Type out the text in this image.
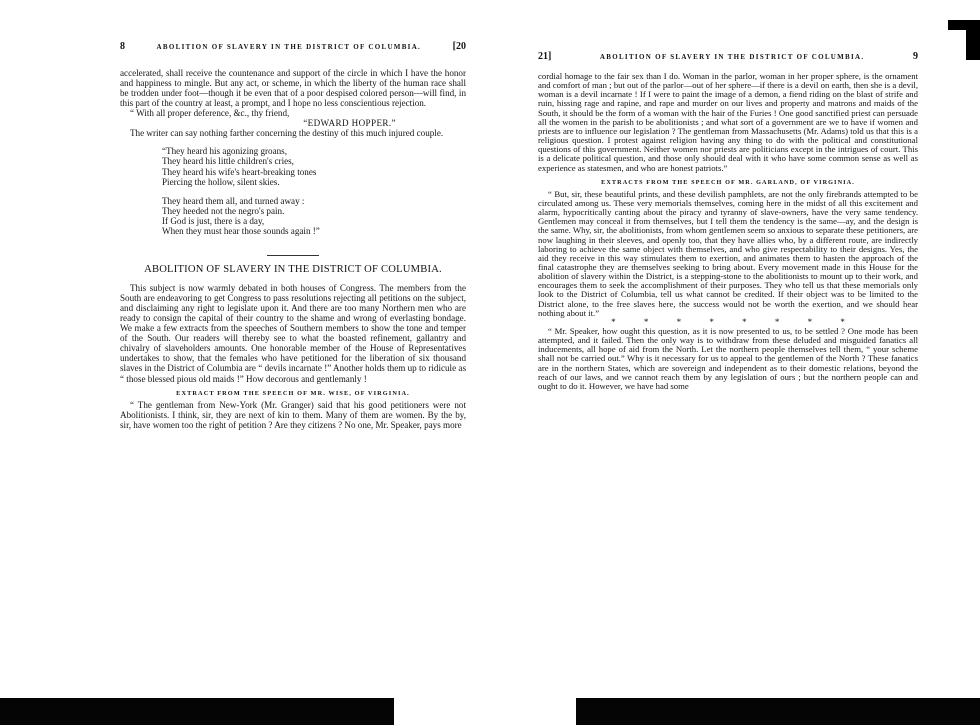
8	ABOLITION OF SLAVERY IN THE DISTRICT OF COLUMBIA.	[20

accelerated, shall receive the countenance and support of the circle in which I have the honor and happiness to mingle. But any act, or scheme, in which the liberty of the human race shall be trodden under foot—though it be even that of a poor despised colored person—will find, in this part of the country at least, a prompt, and I hope no less conscientious rejection.

“ With all proper deference, &c., thy friend,

“EDWARD HOPPER.”

The writer can say nothing farther concerning the destiny of this much injured couple.

“They heard his agonizing groans,
They heard his little children's cries,
They heard his wife's heart-breaking tones
Piercing the hollow, silent skies.
They heard them all, and turned away :
They heeded not the negro's pain.
If God is just, there is a day,
When they must hear those sounds again !”
ABOLITION OF SLAVERY IN THE DISTRICT OF COLUMBIA.

This subject is now warmly debated in both houses of Congress. The members from the South are endeavoring to get Congress to pass resolutions rejecting all petitions on the subject, and disclaiming any right to legislate upon it. And there are too many Northern men who are ready to consign the capital of their country to the shame and wrong of everlasting bondage. We make a few extracts from the speeches of Southern members to show the tone and temper of the South. Our readers will thereby see to what the boasted refinement, gallantry and chivalry of slaveholders amounts. One honorable member of the House of Representatives undertakes to show, that the females who have petitioned for the liberation of six thousand slaves in the District of Columbia are “ devils incarnate !” Another holds them up to ridicule as “ those blessed pious old maids !” How decorous and gentlemanly !

EXTRACT FROM THE SPEECH OF MR. WISE, OF VIRGINIA.

“ The gentleman from New-York (Mr. Granger) said that his good petitioners were not Abolitionists. I think, sir, they are next of kin to them. Many of them are women. By the by, sir, have women too the right of petition ? Are they citizens ? No one, Mr. Speaker, pays more

21]	ABOLITION OF SLAVERY IN THE DISTRICT OF COLUMBIA.	9

cordial homage to the fair sex than I do. Woman in the parlor, woman in her proper sphere, is the ornament and comfort of man ; but out of the parlor—out of her sphere—if there is a devil on earth, then she is a devil, woman is a devil incarnate ! If I were to paint the image of a demon, a fiend riding on the blast of strife and ruin, hissing rage and rapine, and rape and murder on our lives and property and matrons and maids of the South, it should be the form of a woman with the hair of the Furies ! One good sanctified priest can persuade all the women in the parish to be abolitionists ; and what sort of a government are we to have if women and priests are to influence our legislation ? The gentleman from Massachusetts (Mr. Adams) told us that this is a religious question. I protest against religion having any thing to do with the political and constitutional questions of this government. Neither women nor priests are politicians except in the intrigues of court. This is a delicate political question, and those only should deal with it who have some common sense as well as experience as statesmen, and who are honest patriots.”

EXTRACTS FROM THE SPEECH OF MR. GARLAND, OF VIRGINIA.

“ But, sir, these beautiful prints, and these devilish pamphlets, are not the only firebrands attempted to be circulated among us. These very memorials themselves, coming here in the midst of all this excitement and alarm, hypocritically canting about the piracy and tyranny of slave-owners, have the very same tendency. Gentlemen may conceal it from themselves, but I tell them the tendency is the same—ay, and the design is the same. Why, sir, the abolitionists, from whom gentlemen seem so anxious to separate these petitioners, are now laughing in their sleeves, and openly too, that they have allies who, by a different route, are indirectly laboring to achieve the same object with themselves, and who give respectability to their designs. Yes, the aid they receive in this way stimulates them to exertion, and animates them to hasten the approach of the final catastrophe they are themselves seeking to bring about. Every movement made in this House for the abolition of slavery within the District, is a stepping-stone to the abolitionists to mount up to their work, and encourages them to seek the accomplishment of their purposes. They who tell us that these memorials only look to the District of Columbia, tell us what cannot be credited. If their object was to be limited to the District alone, to the free slaves here, the success would not be worth the exertion, and we should hear nothing about it.”

* * * * * * * *

“ Mr. Speaker, how ought this question, as it is now presented to us, to be settled ? One mode has been attempted, and it failed. Then the only way is to withdraw from these deluded and misguided fanatics all inducements, all hope of aid from the North. Let the northern people themselves tell them, “ your scheme shall not be carried out.” Why is it necessary for us to appeal to the gentlemen of the North ? These fanatics are in the northern States, which are sovereign and independent as to their domestic relations, beyond the reach of our laws, and we cannot reach them by any legislation of ours ; but the northern people can and ought to do it. However, we have had some
